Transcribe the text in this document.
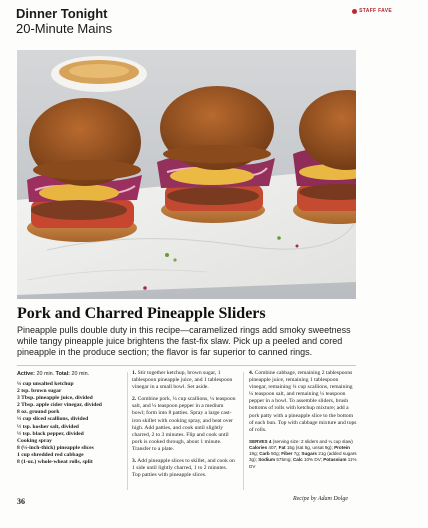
Dinner Tonight
20-Minute Mains
STAFF FAVE
Pork and Charred Pineapple Sliders
Pineapple pulls double duty in this recipe—caramelized rings add smoky sweetness while tangy pineapple juice brightens the fast-fix slaw. Pick up a peeled and cored pineapple in the produce section; the flavor is far superior to canned rings.
Active: 20 min. Total: 20 min.
¼ cup unsalted ketchup
2 tsp. brown sugar
3 Tbsp. pineapple juice, divided
2 Tbsp. apple cider vinegar, divided
8 oz. ground pork
⅓ cup sliced scallions, divided
½ tsp. kosher salt, divided
½ tsp. black pepper, divided
Cooking spray
8 (¼-inch-thick) pineapple slices
1 cup shredded red cabbage
8 (1-oz.) whole-wheat rolls, split

1. Stir together ketchup, brown sugar, 1 tablespoon pineapple juice, and 1 tablespoon vinegar in a small bowl. Set aside.

2. Combine pork, ¼ cup scallions, ¼ teaspoon salt, and ¼ teaspoon pepper in a medium bowl; form into 8 patties. Spray a large cast-iron skillet with cooking spray, and heat over high. Add patties, and cook until slightly charred, 2 to 3 minutes. Flip and cook until pork is cooked through, about 1 minute. Transfer to a plate.

3. Add pineapple slices to skillet, and cook on 1 side until lightly charred, 1 to 2 minutes. Top patties with pineapple slices.

4. Combine cabbage, remaining 2 tablespoons pineapple juice, remaining 1 tablespoon vinegar, remaining ¼ cup scallions, remaining ¼ teaspoon salt, and remaining ¼ teaspoon pepper in a bowl. To assemble sliders, brush bottoms of rolls with ketchup mixture; add a pork patty with a pineapple slice to the bottom of each bun. Top with cabbage mixture and tops of rolls.

SERVES 4 (serving size: 2 sliders and ¼ cup slaw) Calories 407; Fat 15g (sat 5g, unsat 9g); Protein 19g; Carb 50g; Fiber 7g; Sugars 21g (added sugars 3g); Sodium 575mg; Calc 10% DV; Potassium 11% DV

36	Recipe by Adam Dolge
